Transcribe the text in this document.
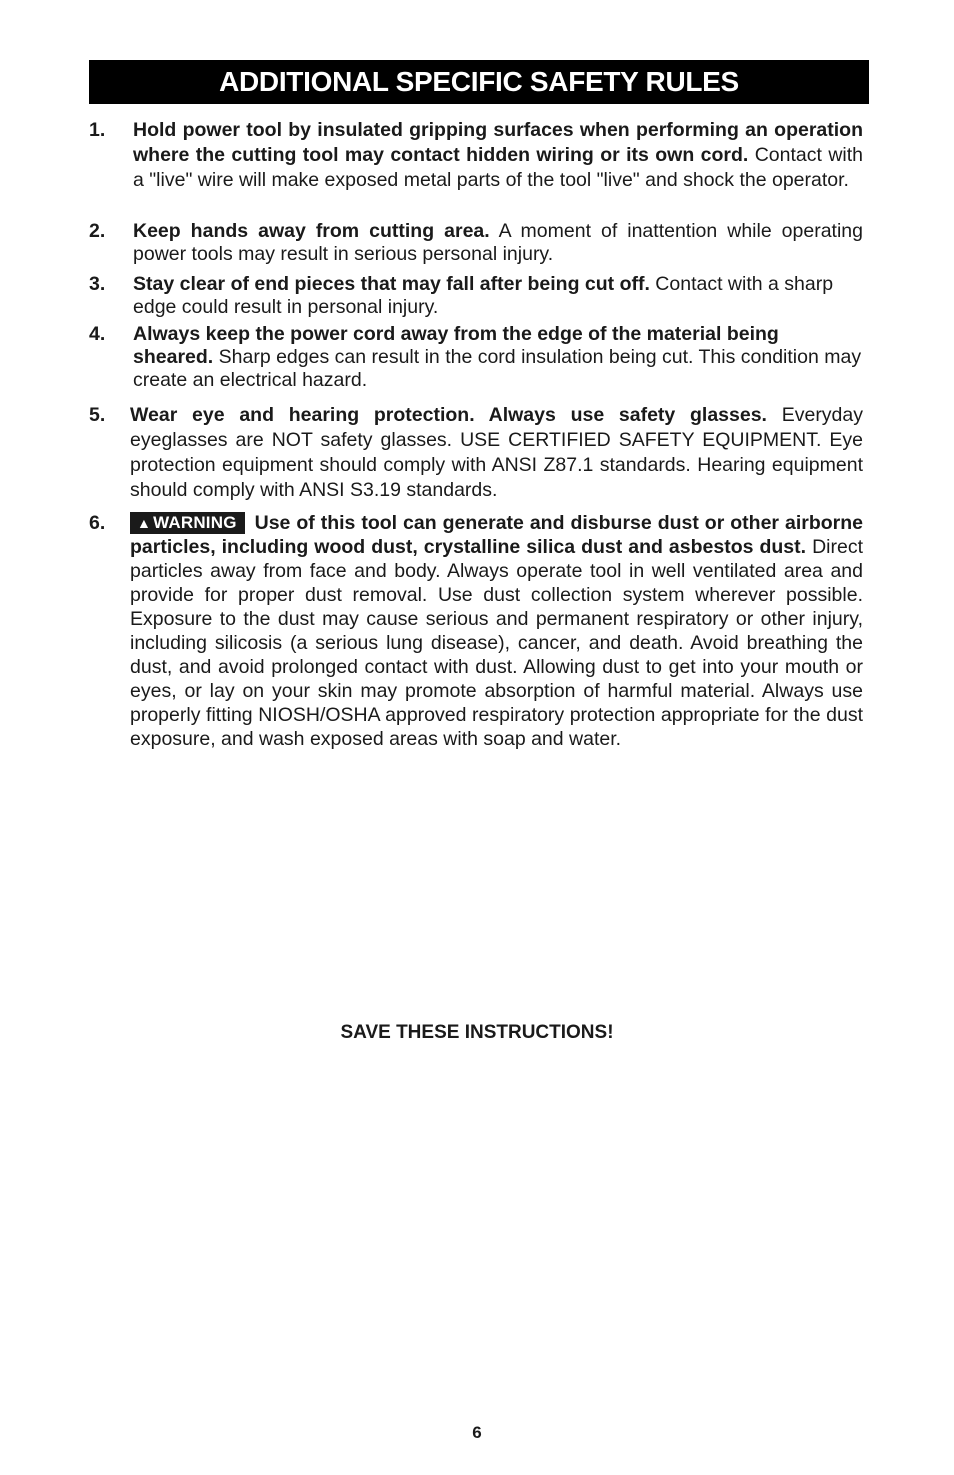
ADDITIONAL SPECIFIC SAFETY RULES
1. Hold power tool by insulated gripping surfaces when performing an operation where the cutting tool may contact hidden wiring or its own cord. Contact with a "live" wire will make exposed metal parts of the tool "live" and shock the operator.
2. Keep hands away from cutting area. A moment of inattention while operating power tools may result in serious personal injury.
3. Stay clear of end pieces that may fall after being cut off. Contact with a sharp edge could result in personal injury.
4. Always keep the power cord away from the edge of the material being sheared. Sharp edges can result in the cord insulation being cut. This condition may create an electrical hazard.
5. Wear eye and hearing protection. Always use safety glasses. Everyday eyeglasses are NOT safety glasses. USE CERTIFIED SAFETY EQUIPMENT. Eye protection equipment should comply with ANSI Z87.1 standards. Hearing equipment should comply with ANSI S3.19 standards.
6.	▲ WARNING Use of this tool can generate and disburse dust or other airborne particles, including wood dust, crystalline silica dust and asbestos dust. Direct particles away from face and body. Always operate tool in well ventilated area and provide for proper dust removal. Use dust collection system wherever possible. Exposure to the dust may cause serious and permanent respiratory or other injury, including silicosis (a serious lung disease), cancer, and death. Avoid breathing the dust, and avoid prolonged contact with dust. Allowing dust to get into your mouth or eyes, or lay on your skin may promote absorption of harmful material. Always use properly fitting NIOSH/OSHA approved respiratory protection appropriate for the dust exposure, and wash exposed areas with soap and water.
SAVE THESE INSTRUCTIONS!
6
